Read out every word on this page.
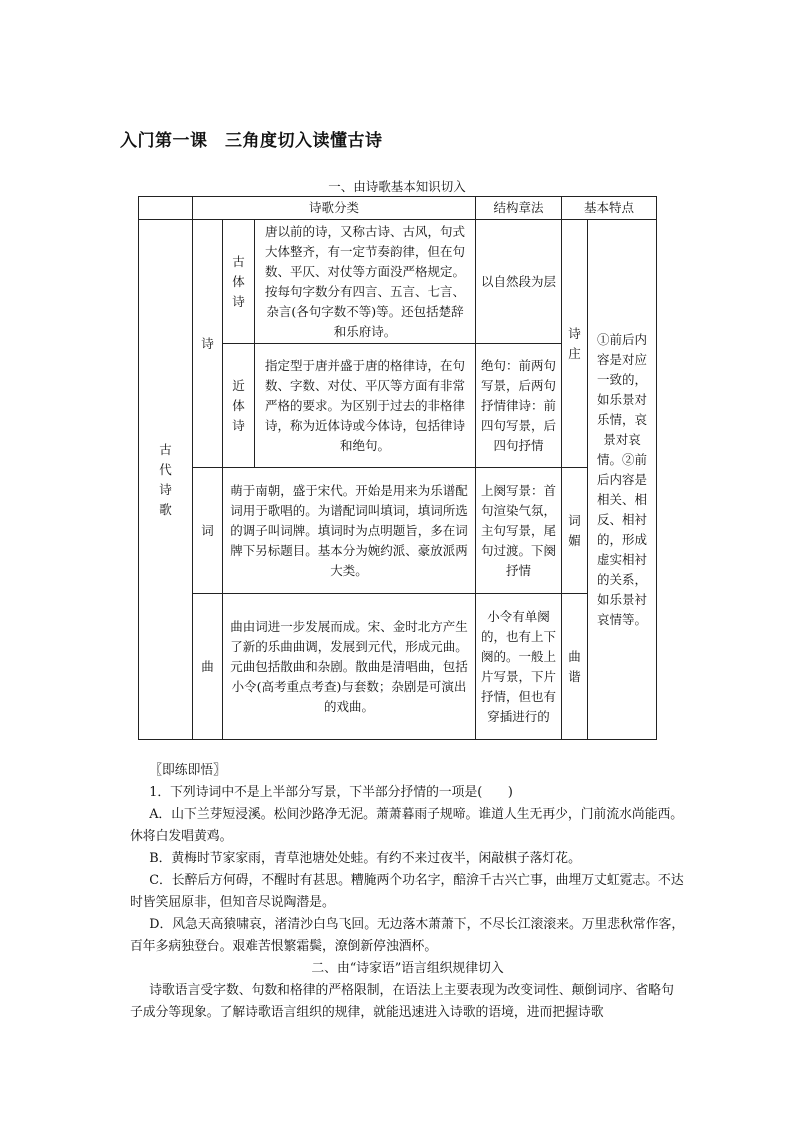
入门第一课　三角度切入读懂古诗
一、由诗歌基本知识切入
	诗歌分类			结构章法	基本特点	

古代诗歌	诗	古体诗	唐以前的诗，又称古诗、古风，句式大体整齐，有一定节奏韵律，但在句数、平仄、对仗等方面没严格规定。按每句字数分有四言、五言、七言、杂言(各句字数不等)等。还包括楚辞和乐府诗。	以自然段为层	诗庄	①前后内容是对应一致的，如乐景对乐情，哀景对哀情。②前后内容是相关、相反、相衬的，形成虚实相衬的关系，如乐景衬哀情等。

		近体诗	指定型于唐并盛于唐的格律诗，在句数、字数、对仗、平仄等方面有非常严格的要求。为区别于过去的非格律诗，称为近体诗或今体诗，包括律诗和绝句。	绝句：前两句写景，后两句抒情律诗：前四句写景，后四句抒情		

	词	萌于南朝，盛于宋代。开始是用来为乐谱配词用于歌唱的。为谱配词叫填词，填词所选的调子叫词牌。填词时为点明题旨，多在词牌下另标题目。基本分为婉约派、豪放派两大类。		上阕写景：首句渲染气氛，主句写景，尾句过渡。下阕抒情	词媚	

	曲	曲由词进一步发展而成。宋、金时北方产生了新的乐曲曲调，发展到元代，形成元曲。元曲包括散曲和杂剧。散曲是清唱曲，包括小令(高考重点考查)与套数；杂剧是可演出的戏曲。		小令有单阕的，也有上下阕的。一般上片写景，下片抒情，但也有穿插进行的	曲谐	

〖即练即悟〗

1．下列诗词中不是上半部分写景，下半部分抒情的一项是(　　)

A．山下兰芽短浸溪。松间沙路净无泥。萧萧暮雨子规啼。谁道人生无再少，门前流水尚能西。休将白发唱黄鸡。

B．黄梅时节家家雨，青草池塘处处蛙。有约不来过夜半，闲敲棋子落灯花。

C．长醉后方何碍，不醒时有甚思。糟腌两个功名字，醅渰千古兴亡事，曲埋万丈虹霓志。不达时皆笑屈原非，但知音尽说陶潜是。

D．风急天高猿啸哀，渚清沙白鸟飞回。无边落木萧萧下，不尽长江滚滚来。万里悲秋常作客，百年多病独登台。艰难苦恨繁霜鬓，潦倒新停浊酒杯。

二、由“诗家语”语言组织规律切入

诗歌语言受字数、句数和格律的严格限制，在语法上主要表现为改变词性、颠倒词序、省略句子成分等现象。了解诗歌语言组织的规律，就能迅速进入诗歌的语境，进而把握诗歌
